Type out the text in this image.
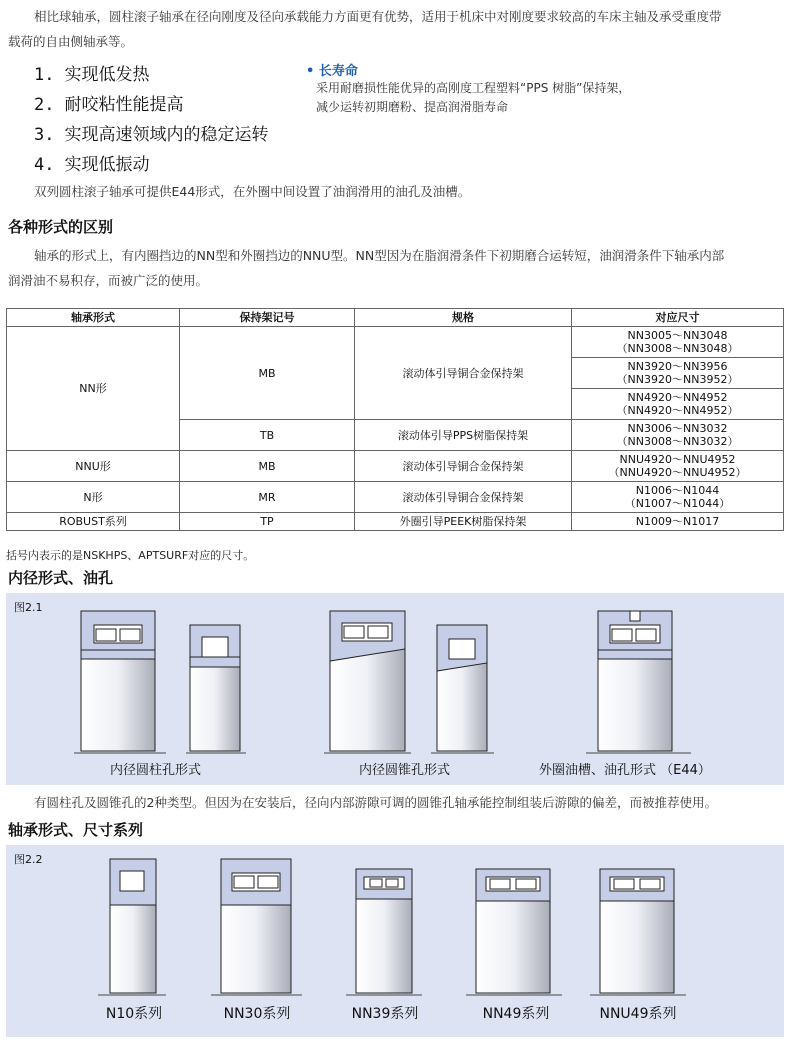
相比球轴承，圆柱滚子轴承在径向刚度及径向承载能力方面更有优势，适用于机床中对刚度要求较高的车床主轴及承受重度带
载荷的自由侧轴承等。
1. 实现低发热
2. 耐咬粘性能提高
3. 实现高速领域内的稳定运转
4. 实现低振动
• 长寿命
采用耐磨损性能优异的高刚度工程塑料“PPS 树脂”保持架，
减少运转初期磨粉、提高润滑脂寿命
双列圆柱滚子轴承可提供E44形式，在外圈中间设置了油润滑用的油孔及油槽。
各种形式的区别
轴承的形式上，有内圈挡边的NN型和外圈挡边的NNU型。NN型因为在脂润滑条件下初期磨合运转短，油润滑条件下轴承内部
润滑油不易积存，而被广泛的使用。
轴承形式	保持架记号	规格	对应尺寸
NN形	MB	滚动体引导铜合金保持架	NN3005～NN3048
（NN3008～NN3048）

			NN3920～NN3956
（NN3920～NN3952）

			NN4920～NN4952
（NN4920～NN4952）

	TB	滚动体引导PPS树脂保持架	NN3006～NN3032
（NN3008～NN3032）

NNU形	MB	滚动体引导铜合金保持架	NNU4920～NNU4952
（NNU4920～NNU4952）

N形	MR	滚动体引导铜合金保持架	N1006～N1044
（N1007～N1044）

ROBUST系列	TP	外圈引导PEEK树脂保持架	N1009～N1017
括号内表示的是NSKHPS、APTSURF对应的尺寸。
内径形式、油孔
图2.1
内径圆柱孔形式	内径圆锥孔形式	外圈油槽、油孔形式 （E44）
有圆柱孔及圆锥孔的2种类型。但因为在安装后，径向内部游隙可调的圆锥孔轴承能控制组装后游隙的偏差，而被推荐使用。
轴承形式、尺寸系列
图2.2
N10系列	NN30系列	NN39系列	NN49系列	NNU49系列
